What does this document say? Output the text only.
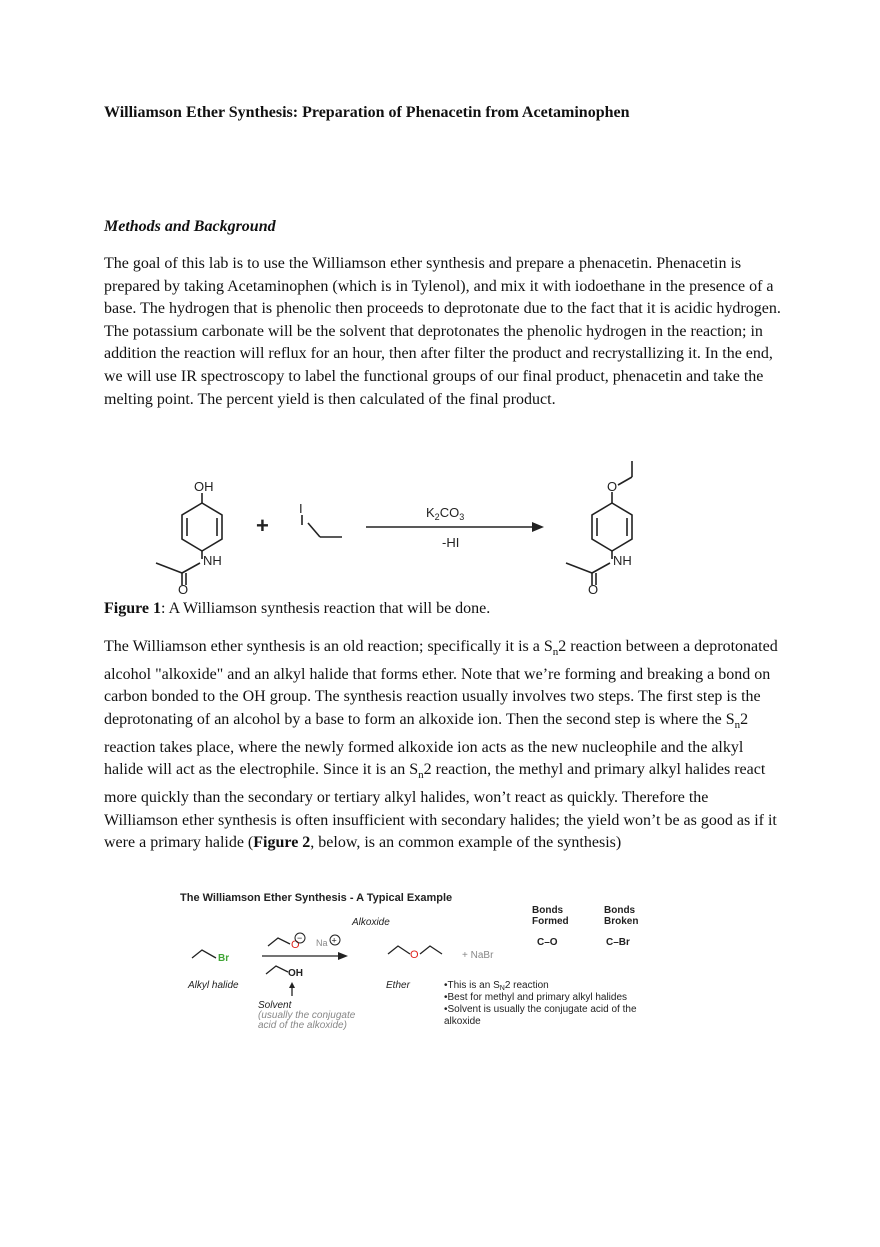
Williamson Ether Synthesis: Preparation of Phenacetin from Acetaminophen
Methods and Background
The goal of this lab is to use the Williamson ether synthesis and prepare a phenacetin. Phenacetin is prepared by taking Acetaminophen (which is in Tylenol), and mix it with iodoethane in the presence of a base. The hydrogen that is phenolic then proceeds to deprotonate due to the fact that it is acidic hydrogen. The potassium carbonate will be the solvent that deprotonates the phenolic hydrogen in the reaction; in addition the reaction will reflux for an hour, then after filter the product and recrystallizing it. In the end, we will use IR spectroscopy to label the functional groups of our final product, phenacetin and take the melting point. The percent yield is then calculated of the final product.
OH
NH
O
+
I	$K_2CO_3$
-HI
O
NH
O
Figure 1: A Williamson synthesis reaction that will be done.
The Williamson ether synthesis is an old reaction; specifically it is a $S_n2$ reaction between a deprotonated alcohol "alkoxide" and an alkyl halide that forms ether. Note that we’re forming and breaking a bond on carbon bonded to the OH group. The synthesis reaction usually involves two steps. The first step is the deprotonating of an alcohol by a base to form an alkoxide ion. Then the second step is where the $S_n2$ reaction takes place, where the newly formed alkoxide ion acts as the new nucleophile and the alkyl halide will act as the electrophile. Since it is an $S_n2$ reaction, the methyl and primary alkyl halides react more quickly than the secondary or tertiary alkyl halides, won’t react as quickly. Therefore the Williamson ether synthesis is often insufficient with secondary halides; the yield won’t be as good as if it were a primary halide (Figure 2, below, is an common example of the synthesis)
The Williamson Ether Synthesis - A Typical Example
Alkoxide
Bonds
Formed
Bonds
Broken
C–O	C–Br
Br
O
− Na +
OH
O	+ NaBr
Alkyl halide	Ether
Solvent
(usually the conjugate
acid of the alkoxide)
•This is an $S_N2$ reaction
•Best for methyl and primary alkyl halides
•Solvent is usually the conjugate acid of the
alkoxide
